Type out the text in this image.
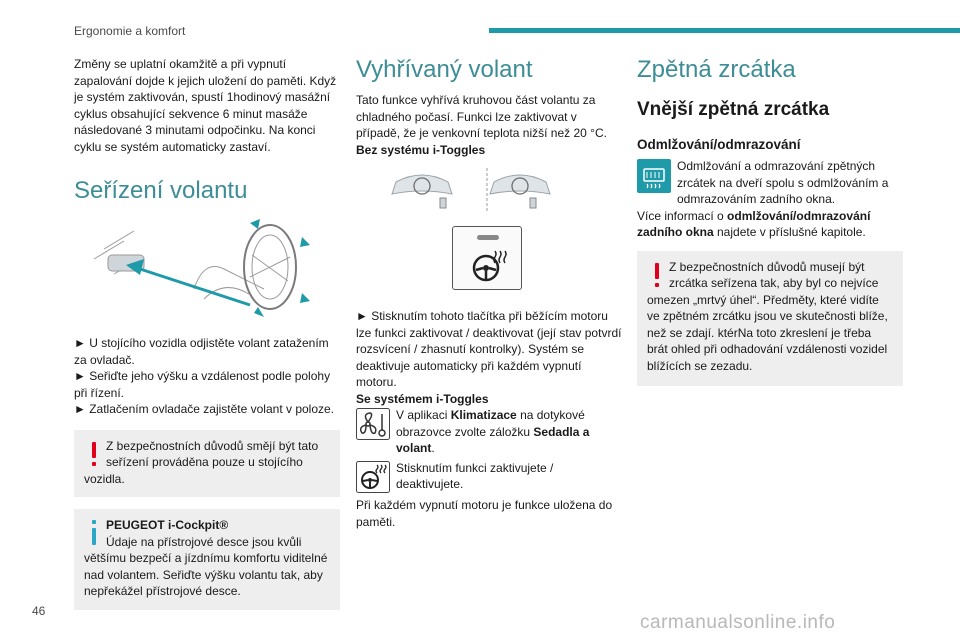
Ergonomie a komfort

Změny se uplatní okamžitě a při vypnutí zapalování dojde k jejich uložení do paměti. Když je systém zaktivován, spustí 1hodinový masážní cyklus obsahující sekvence 6 minut masáže následované 3 minutami odpočinku. Na konci cyklu se systém automaticky zastaví.

Seřízení volantu

► U stojícího vozidla odjistěte volant zatažením za ovladač.

► Seřiďte jeho výšku a vzdálenost podle polohy při řízení.

► Zatlačením ovladače zajistěte volant v poloze.

Z bezpečnostních důvodů smějí být tato seřízení prováděna pouze u stojícího vozidla.
PEUGEOT i-Cockpit®
Údaje na přístrojové desce jsou kvůli většímu bezpečí a jízdnímu komfortu viditelné nad volantem. Seřiďte výšku volantu tak, aby nepřekážel přístrojové desce.
Vyhřívaný volant

Tato funkce vyhřívá kruhovou část volantu za chladného počasí. Funkci lze zaktivovat v případě, že je venkovní teplota nižší než 20 °C.

Bez systému i-Toggles

► Stisknutím tohoto tlačítka při běžícím motoru lze funkci zaktivovat / deaktivovat (její stav potvrdí rozsvícení / zhasnutí kontrolky). Systém se deaktivuje automaticky při každém vypnutí motoru.

Se systémem i-Toggles

V aplikaci Klimatizace na dotykové obrazovce zvolte záložku Sedadla a volant.
Stisknutím funkci zaktivujete / deaktivujete.

Při každém vypnutí motoru je funkce uložena do paměti.

Zpětná zrcátka
Vnější zpětná zrcátka
Odmlžování/odmrazování
Odmlžování a odmrazování zpětných zrcátek na dveří spolu s odmlžováním a odmrazováním zadního okna.

Více informací o odmlžování/odmrazování zadního okna najdete v příslušné kapitole.

Z bezpečnostních důvodů musejí být zrcátka seřízena tak, aby byl co nejvíce omezen „mrtvý úhel“. Předměty, které vidíte ve zpětném zrcátku jsou ve skutečnosti blíže, než se zdají. ktérNa toto zkreslení je třeba brát ohled při odhadování vzdálenosti vozidel blížících se zezadu.
46
carmanualsonline.info
